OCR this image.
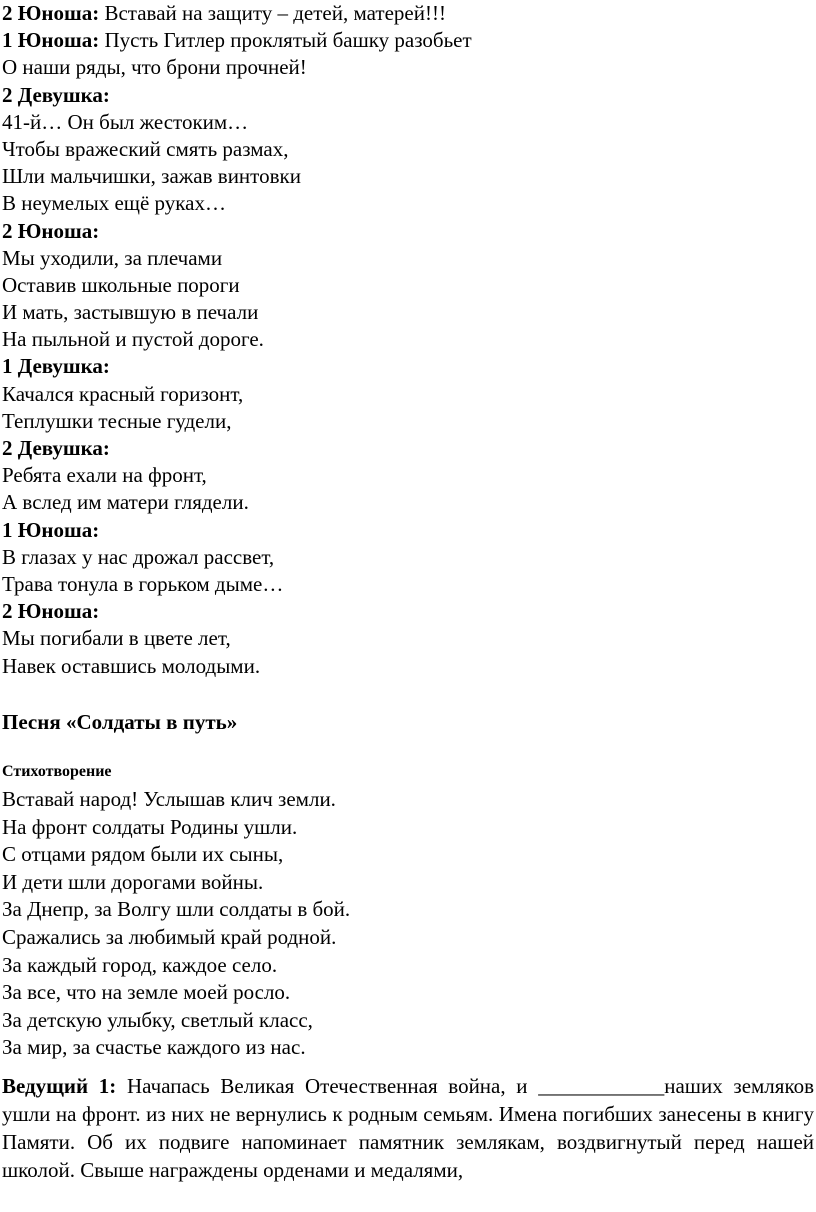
2 Юноша: Вставай на защиту – детей, матерей!!!
1 Юноша: Пусть Гитлер проклятый башку разобьет
О наши ряды, что брони прочней!
2 Девушка:
41-й… Он был жестоким…
Чтобы вражеский смять размах,
Шли мальчишки, зажав винтовки
В неумелых ещё руках…
2 Юноша:
Мы уходили, за плечами
Оставив школьные пороги
И мать, застывшую в печали
На пыльной и пустой дороге.
1 Девушка:
Качался красный горизонт,
Теплушки тесные гудели,
2 Девушка:
Ребята ехали на фронт,
А вслед им матери глядели.
1 Юноша:
В глазах у нас дрожал рассвет,
Трава тонула в горьком дыме…
2 Юноша:
Мы погибали в цвете лет,
Навек оставшись молодыми.
Песня «Солдаты в путь»
Стихотворение
Вставай народ! Услышав клич земли.
На фронт солдаты Родины ушли.
С отцами рядом были их сыны,
И дети шли дорогами войны.
За Днепр, за Волгу шли солдаты в бой.
Сражались за любимый край родной.
За каждый город, каждое село.
За все, что на земле моей росло.
За детскую улыбку, светлый класс,
За мир, за счастье каждого из нас.
Ведущий 1: Начапась Великая Отечественная война, и ____________наших земляков ушли на фронт. из них не вернулись к родным семьям. Имена погибших занесены в книгу Памяти. Об их подвиге напоминает памятник землякам, воздвигнутый перед нашей школой. Свыше награждены орденами и медалями,
